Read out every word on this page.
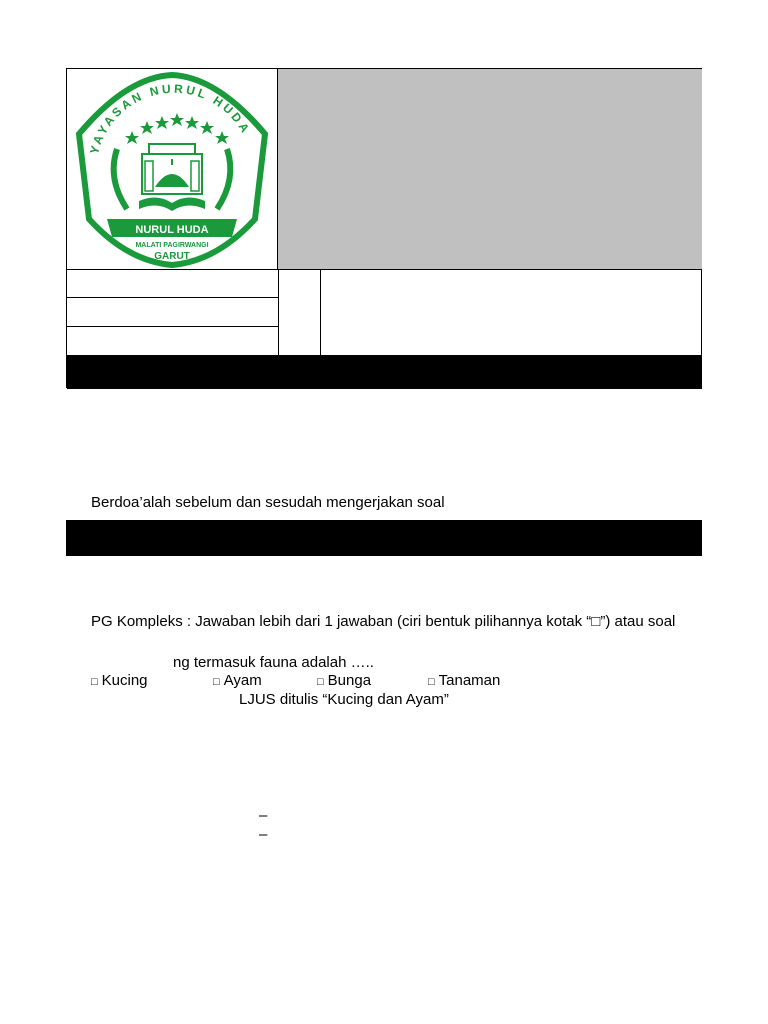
YAYASAN NURUL HUDA
NURUL HUDA
MALATI PAGIRWANGI
GARUT
Berdoa’alah sebelum dan sesudah mengerjakan soal
PG Kompleks : Jawaban lebih dari 1 jawaban (ciri bentuk pilihannya kotak “□”) atau soal
ng termasuk fauna adalah …..
□ Kucing	□ Ayam	□ Bunga	□ Tanaman
LJUS ditulis “Kucing dan Ayam”
–
–
